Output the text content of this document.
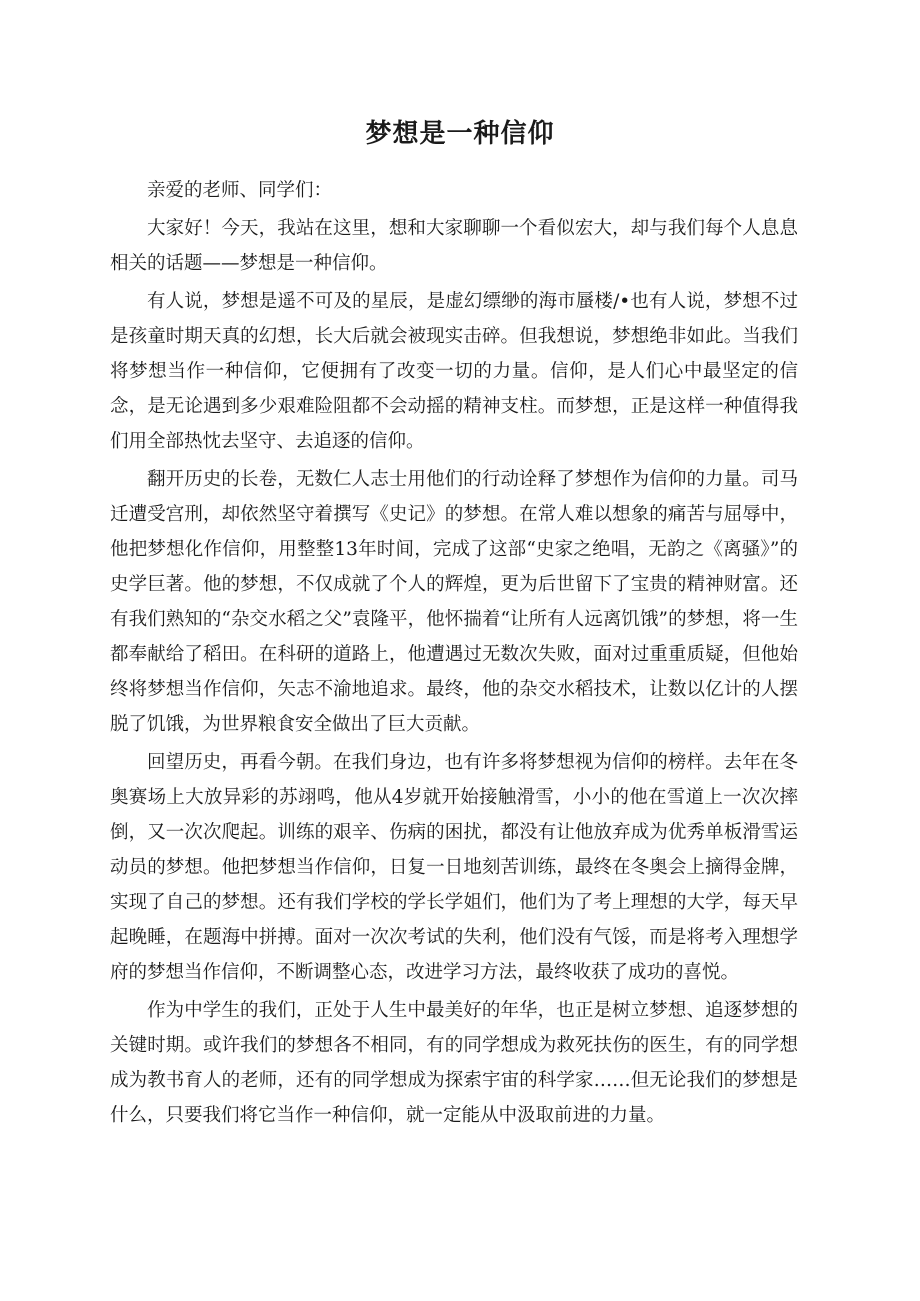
梦想是一种信仰

亲爱的老师、同学们：

大家好！今天，我站在这里，想和大家聊聊一个看似宏大，却与我们每个人息息相关的话题——梦想是一种信仰。

有人说，梦想是遥不可及的星辰，是虚幻缥缈的海市蜃楼/•也有人说，梦想不过是孩童时期天真的幻想，长大后就会被现实击碎。但我想说，梦想绝非如此。当我们将梦想当作一种信仰，它便拥有了改变一切的力量。信仰，是人们心中最坚定的信念，是无论遇到多少艰难险阻都不会动摇的精神支柱。而梦想，正是这样一种值得我们用全部热忱去坚守、去追逐的信仰。

翻开历史的长卷，无数仁人志士用他们的行动诠释了梦想作为信仰的力量。司马迁遭受宫刑，却依然坚守着撰写《史记》的梦想。在常人难以想象的痛苦与屈辱中，他把梦想化作信仰，用整整13年时间，完成了这部“史家之绝唱，无韵之《离骚》”的史学巨著。他的梦想，不仅成就了个人的辉煌，更为后世留下了宝贵的精神财富。还有我们熟知的“杂交水稻之父”袁隆平，他怀揣着“让所有人远离饥饿”的梦想，将一生都奉献给了稻田。在科研的道路上，他遭遇过无数次失败，面对过重重质疑，但他始终将梦想当作信仰，矢志不渝地追求。最终，他的杂交水稻技术，让数以亿计的人摆脱了饥饿，为世界粮食安全做出了巨大贡献。

回望历史，再看今朝。在我们身边，也有许多将梦想视为信仰的榜样。去年在冬奥赛场上大放异彩的苏翊鸣，他从4岁就开始接触滑雪，小小的他在雪道上一次次摔倒，又一次次爬起。训练的艰辛、伤病的困扰，都没有让他放弃成为优秀单板滑雪运动员的梦想。他把梦想当作信仰，日复一日地刻苦训练，最终在冬奥会上摘得金牌，实现了自己的梦想。还有我们学校的学长学姐们，他们为了考上理想的大学，每天早起晚睡，在题海中拼搏。面对一次次考试的失利，他们没有气馁，而是将考入理想学府的梦想当作信仰，不断调整心态，改进学习方法，最终收获了成功的喜悦。

作为中学生的我们，正处于人生中最美好的年华，也正是树立梦想、追逐梦想的关键时期。或许我们的梦想各不相同，有的同学想成为救死扶伤的医生，有的同学想成为教书育人的老师，还有的同学想成为探索宇宙的科学家……但无论我们的梦想是什么，只要我们将它当作一种信仰，就一定能从中汲取前进的力量。
